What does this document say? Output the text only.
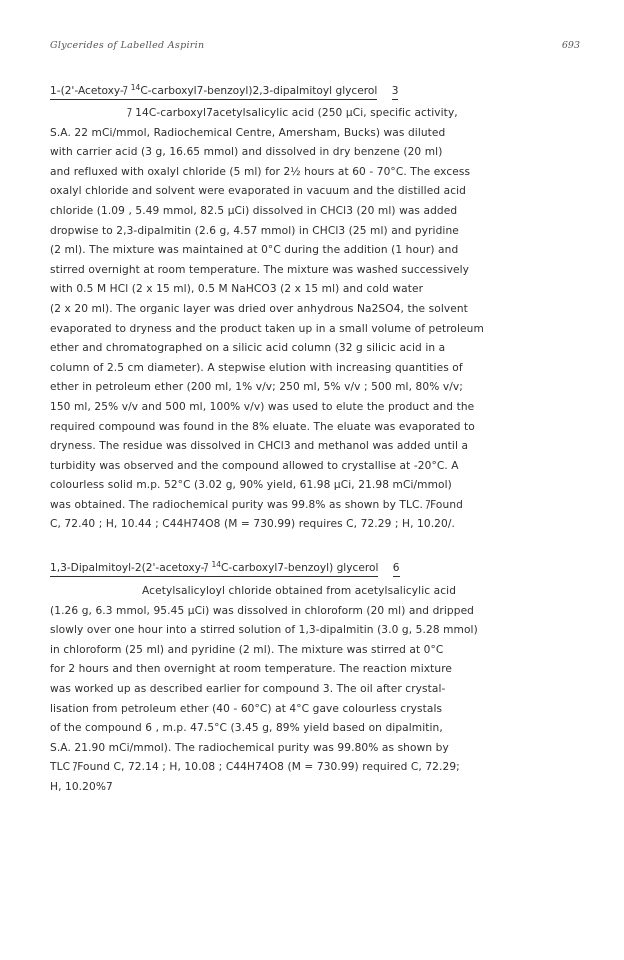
Glycerides of Labelled Aspirin	693
1-(2'-Acetoxy-/̄ $^{14}$C-carboxyl7-benzoyl)2,3-dipalmitoyl glycerol 3
/̄ 14C-carboxyl7acetylsalicylic acid (250 μCi, specific activity,
S.A. 22 mCi/mmol, Radiochemical Centre, Amersham, Bucks) was diluted
with carrier acid (3 g, 16.65 mmol) and dissolved in dry benzene (20 ml)
and refluxed with oxalyl chloride (5 ml) for 2½ hours at 60 - 70°C. The excess
oxalyl chloride and solvent were evaporated in vacuum and the distilled acid
chloride (1.09 , 5.49 mmol, 82.5 μCi) dissolved in CHCl3 (20 ml) was added
dropwise to 2,3-dipalmitin (2.6 g, 4.57 mmol) in CHCl3 (25 ml) and pyridine
(2 ml). The mixture was maintained at 0°C during the addition (1 hour) and
stirred overnight at room temperature. The mixture was washed successively
with 0.5 M HCl (2 x 15 ml), 0.5 M NaHCO3 (2 x 15 ml) and cold water
(2 x 20 ml). The organic layer was dried over anhydrous Na2SO4, the solvent
evaporated to dryness and the product taken up in a small volume of petroleum
ether and chromatographed on a silicic acid column (32 g silicic acid in a
column of 2.5 cm diameter). A stepwise elution with increasing quantities of
ether in petroleum ether (200 ml, 1% v/v; 250 ml, 5% v/v ; 500 ml, 80% v/v;
150 ml, 25% v/v and 500 ml, 100% v/v) was used to elute the product and the
required compound was found in the 8% eluate. The eluate was evaporated to
dryness. The residue was dissolved in CHCl3 and methanol was added until a
turbidity was observed and the compound allowed to crystallise at -20°C. A
colourless solid m.p. 52°C (3.02 g, 90% yield, 61.98 μCi, 21.98 mCi/mmol)
was obtained. The radiochemical purity was 99.8% as shown by TLC. /̄Found
C, 72.40 ; H, 10.44 ; C44H74O8 (M = 730.99) requires C, 72.29 ; H, 10.20/.
1,3-Dipalmitoyl-2(2'-acetoxy-/̄ $^{14}$C-carboxyl7-benzoyl) glycerol 6
Acetylsalicyloyl chloride obtained from acetylsalicylic acid
(1.26 g, 6.3 mmol, 95.45 μCi) was dissolved in chloroform (20 ml) and dripped
slowly over one hour into a stirred solution of 1,3-dipalmitin (3.0 g, 5.28 mmol)
in chloroform (25 ml) and pyridine (2 ml). The mixture was stirred at 0°C
for 2 hours and then overnight at room temperature. The reaction mixture
was worked up as described earlier for compound 3. The oil after crystal-
lisation from petroleum ether (40 - 60°C) at 4°C gave colourless crystals
of the compound 6 , m.p. 47.5°C (3.45 g, 89% yield based on dipalmitin,
S.A. 21.90 mCi/mmol). The radiochemical purity was 99.80% as shown by
TLC /̄Found C, 72.14 ; H, 10.08 ; C44H74O8 (M = 730.99) required C, 72.29;
H, 10.20%7
